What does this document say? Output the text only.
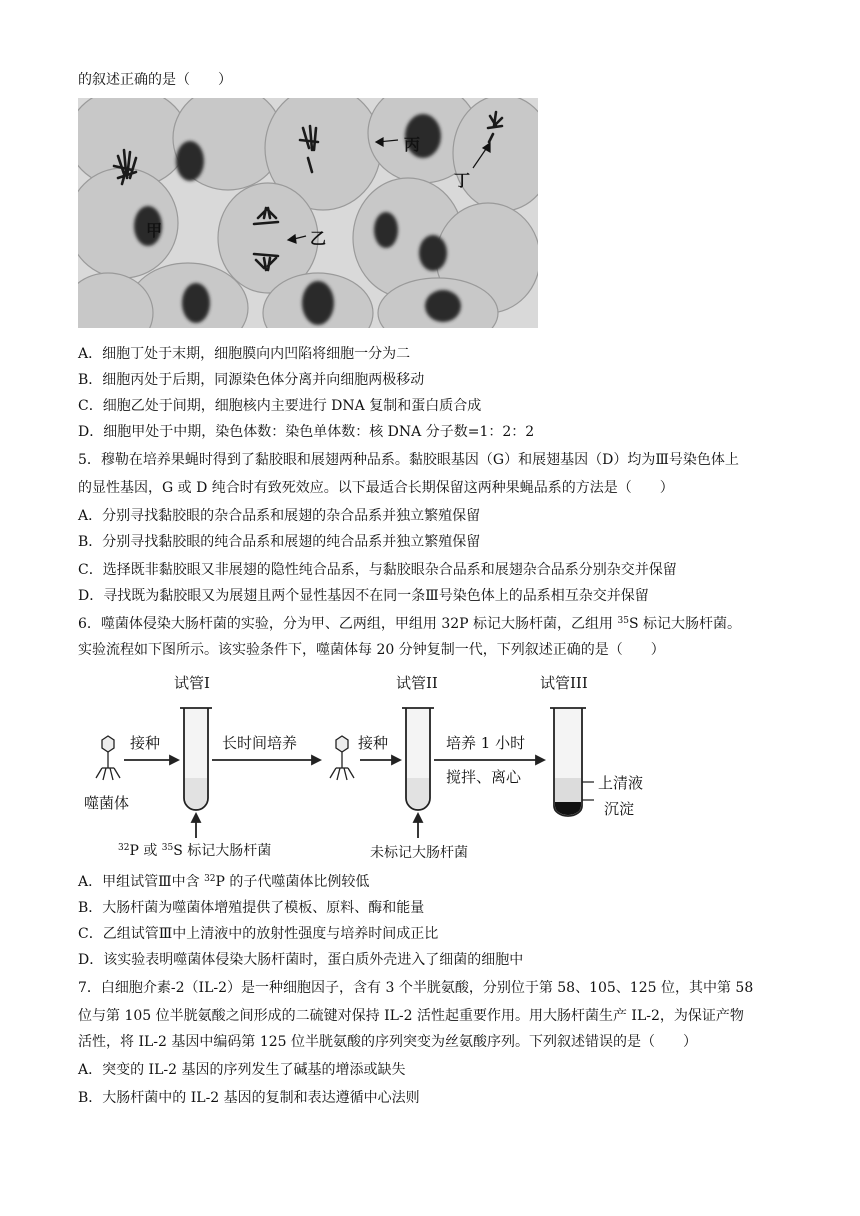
的叙述正确的是（　　）
丙
丁
甲	乙
A．细胞丁处于末期，细胞膜向内凹陷将细胞一分为二
B．细胞丙处于后期，同源染色体分离并向细胞两极移动
C．细胞乙处于间期，细胞核内主要进行 DNA 复制和蛋白质合成
D．细胞甲处于中期，染色体数：染色单体数：核 DNA 分子数=1：2：2
5．穆勒在培养果蝇时得到了黏胶眼和展翅两种品系。黏胶眼基因（G）和展翅基因（D）均为Ⅲ号染色体上
的显性基因，G 或 D 纯合时有致死效应。以下最适合长期保留这两种果蝇品系的方法是（　　）
A．分别寻找黏胶眼的杂合品系和展翅的杂合品系并独立繁殖保留
B．分别寻找黏胶眼的纯合品系和展翅的纯合品系并独立繁殖保留
C．选择既非黏胶眼又非展翅的隐性纯合品系，与黏胶眼杂合品系和展翅杂合品系分别杂交并保留
D．寻找既为黏胶眼又为展翅且两个显性基因不在同一条Ⅲ号染色体上的品系相互杂交并保留
6．噬菌体侵染大肠杆菌的实验，分为甲、乙两组，甲组用 32P 标记大肠杆菌，乙组用 $^{35}$S 标记大肠杆菌。
实验流程如下图所示。该实验条件下，噬菌体每 20 分钟复制一代，下列叙述正确的是（　　）
试管I	试管II	试管III
接种	长时间培养	接种	培养 1 小时
搅拌、离心
噬菌体
上清液
沉淀
$^{32}$P 或 $^{35}$S 标记大肠杆菌	未标记大肠杆菌
A．甲组试管Ⅲ中含 $^{32}$P 的子代噬菌体比例较低
B．大肠杆菌为噬菌体增殖提供了模板、原料、酶和能量
C．乙组试管Ⅲ中上清液中的放射性强度与培养时间成正比
D．该实验表明噬菌体侵染大肠杆菌时，蛋白质外壳进入了细菌的细胞中
7．白细胞介素-2（IL-2）是一种细胞因子，含有 3 个半胱氨酸，分别位于第 58、105、125 位，其中第 58
位与第 105 位半胱氨酸之间形成的二硫键对保持 IL-2 活性起重要作用。用大肠杆菌生产 IL-2，为保证产物
活性，将 IL-2 基因中编码第 125 位半胱氨酸的序列突变为丝氨酸序列。下列叙述错误的是（　　）
A．突变的 IL-2 基因的序列发生了碱基的增添或缺失
B．大肠杆菌中的 IL-2 基因的复制和表达遵循中心法则
